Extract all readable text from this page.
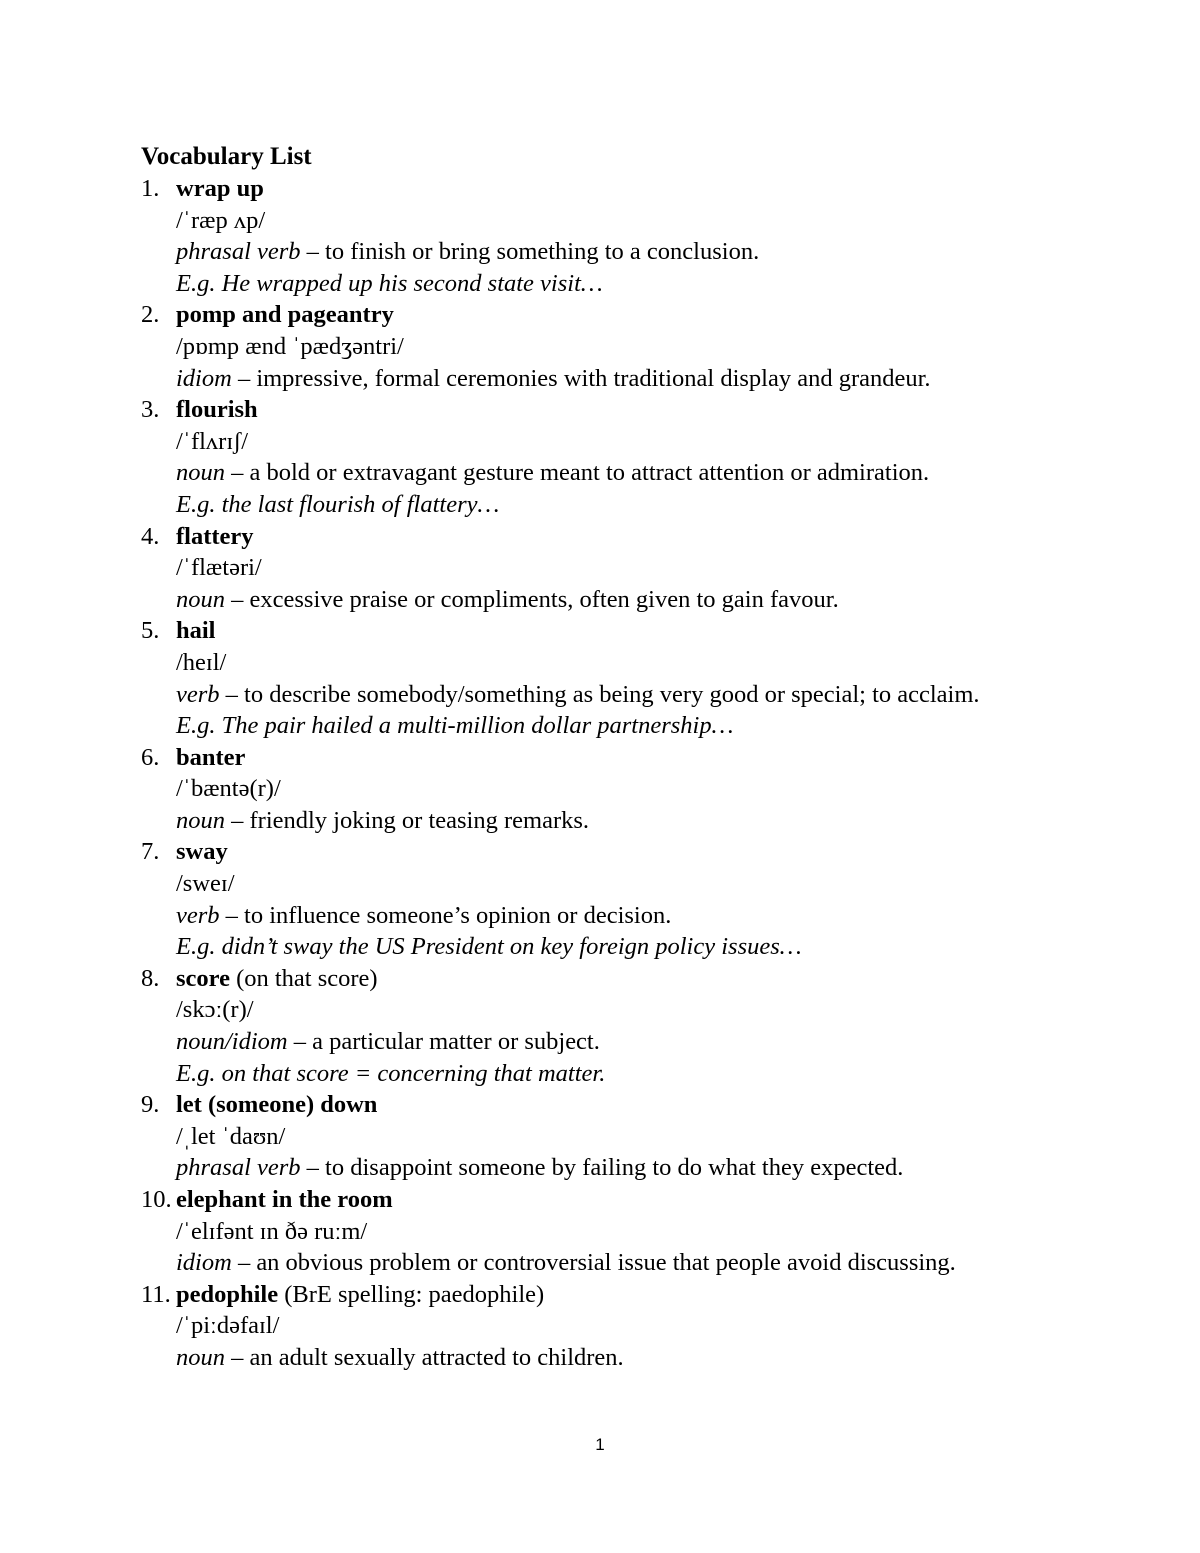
Vocabulary List
1. wrap up
/ˈræp ʌp/
phrasal verb – to finish or bring something to a conclusion.
E.g. He wrapped up his second state visit…
2. pomp and pageantry
/pɒmp ænd ˈpædʒəntri/
idiom – impressive, formal ceremonies with traditional display and grandeur.
3. flourish
/ˈflʌrɪʃ/
noun – a bold or extravagant gesture meant to attract attention or admiration.
E.g. the last flourish of flattery…
4. flattery
/ˈflætəri/
noun – excessive praise or compliments, often given to gain favour.
5. hail
/heɪl/
verb – to describe somebody/something as being very good or special; to acclaim.
E.g. The pair hailed a multi-million dollar partnership…
6. banter
/ˈbæntə(r)/
noun – friendly joking or teasing remarks.
7. sway
/sweɪ/
verb – to influence someone’s opinion or decision.
E.g. didn’t sway the US President on key foreign policy issues…
8. score (on that score)
/skɔː(r)/
noun/idiom – a particular matter or subject.
E.g. on that score = concerning that matter.
9. let (someone) down
/ˌlet ˈdaʊn/
phrasal verb – to disappoint someone by failing to do what they expected.
10. elephant in the room
/ˈelɪfənt ɪn ðə ruːm/
idiom – an obvious problem or controversial issue that people avoid discussing.
11. pedophile (BrE spelling: paedophile)
/ˈpiːdəfaɪl/
noun – an adult sexually attracted to children.
1
